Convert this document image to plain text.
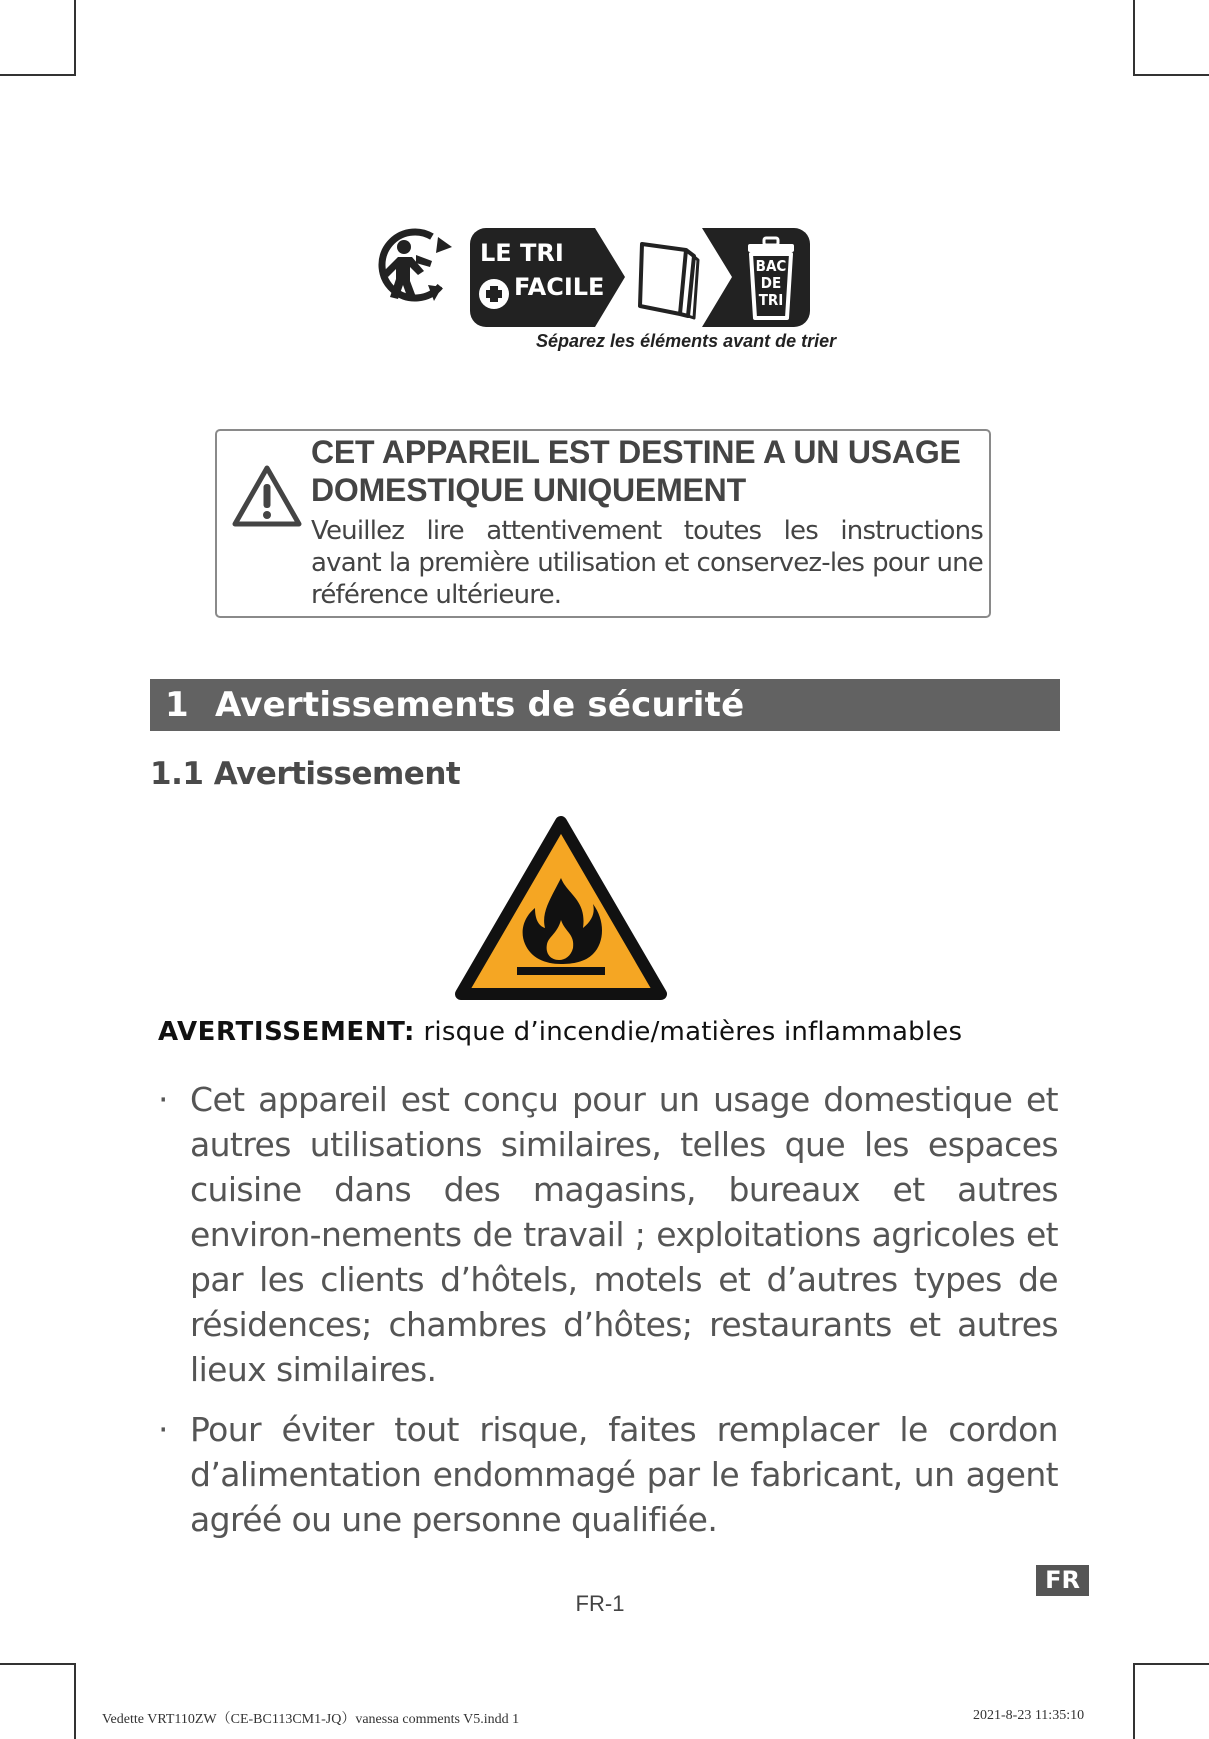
LE TRI
FACILE
BAC
DE
TRI
Séparez les éléments avant de trier
CET APPAREIL EST DESTINE A UN USAGE DOMESTIQUE UNIQUEMENT
Veuillez lire attentivement toutes les instructions avant la première utilisation et conservez-les pour une référence ultérieure.
1 Avertissements de sécurité
1.1 Avertissement
AVERTISSEMENT: risque d’incendie/matières inflammables
· Cet appareil est conçu pour un usage domestique et autres utilisations similaires, telles que les espaces cuisine dans des magasins, bureaux et autres environ-nements de travail ; exploitations agricoles et par les clients d’hôtels, motels et d’autres types de résidences; chambres d’hôtes; restaurants et autres lieux similaires.
· Pour éviter tout risque, faites remplacer le cordon d’alimentation endommagé par le fabricant, un agent agréé ou une personne qualifiée.
FR
FR-1
Vedette VRT110ZW（CE-BC113CM1-JQ）vanessa comments V5.indd 1	2021-8-23 11:35:10
